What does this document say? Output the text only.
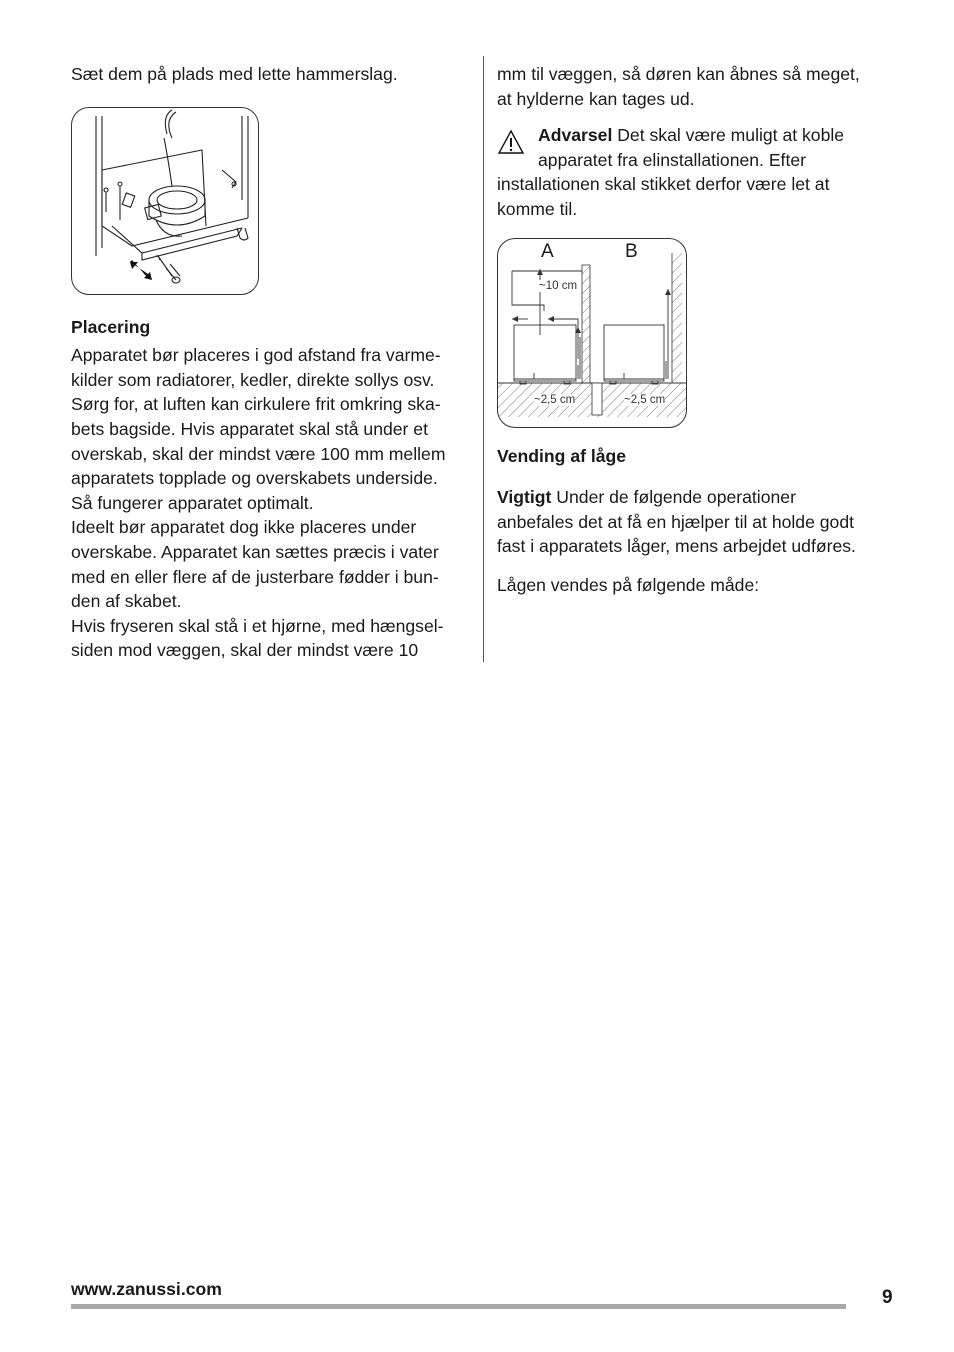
Sæt dem på plads med lette hammerslag.

Placering

Apparatet bør placeres i god afstand fra varme-

kilder som radiatorer, kedler, direkte sollys osv.

Sørg for, at luften kan cirkulere frit omkring ska-

bets bagside. Hvis apparatet skal stå under et

overskab, skal der mindst være 100 mm mellem

apparatets topplade og overskabets underside.

Så fungerer apparatet optimalt.

Ideelt bør apparatet dog ikke placeres under

overskabe. Apparatet kan sættes præcis i vater

med en eller flere af de justerbare fødder i bun-

den af skabet.

Hvis fryseren skal stå i et hjørne, med hængsel-

siden mod væggen, skal der mindst være 10

mm til væggen, så døren kan åbnes så meget,

at hylderne kan tages ud.

Advarsel Det skal være muligt at koble

apparatet fra elinstallationen. Efter

installationen skal stikket derfor være let at

komme til.

A	B
~10 cm
~2,5 cm	~2,5 cm

Vending af låge

Vigtigt Under de følgende operationer

anbefales det at få en hjælper til at holde godt

fast i apparatets låger, mens arbejdet udføres.

Lågen vendes på følgende måde:

www.zanussi.com	9
